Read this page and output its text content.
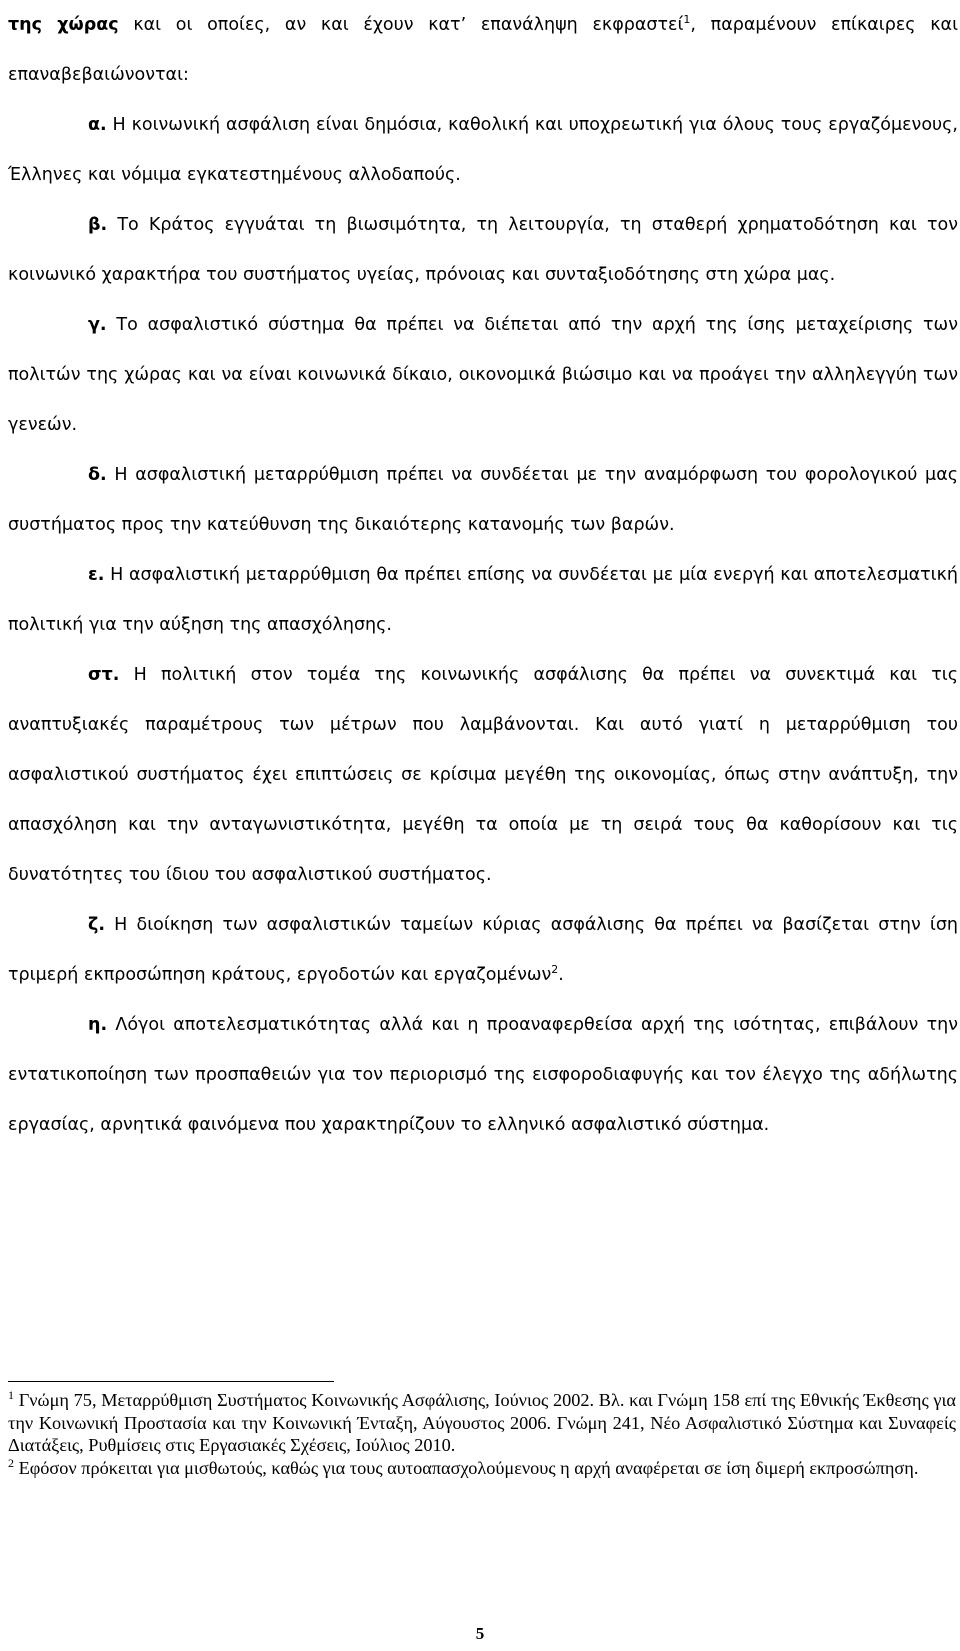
της χώρας και οι οποίες, αν και έχουν κατ’ επανάληψη εκφραστεί$^1$, παραμένουν επίκαιρες και επαναβεβαιώνονται:

α. Η κοινωνική ασφάλιση είναι δημόσια, καθολική και υποχρεωτική για όλους τους εργαζόμενους, Έλληνες και νόμιμα εγκατεστημένους αλλοδαπούς.

β. Το Κράτος εγγυάται τη βιωσιμότητα, τη λειτουργία, τη σταθερή χρηματοδότηση και τον κοινωνικό χαρακτήρα του συστήματος υγείας, πρόνοιας και συνταξιοδότησης στη χώρα μας.

γ. Το ασφαλιστικό σύστημα θα πρέπει να διέπεται από την αρχή της ίσης μεταχείρισης των πολιτών της χώρας και να είναι κοινωνικά δίκαιο, οικονομικά βιώσιμο και να προάγει την αλληλεγγύη των γενεών.

δ. Η ασφαλιστική μεταρρύθμιση πρέπει να συνδέεται με την αναμόρφωση του φορολογικού μας συστήματος προς την κατεύθυνση της δικαιότερης κατανομής των βαρών.

ε. Η ασφαλιστική μεταρρύθμιση θα πρέπει επίσης να συνδέεται με μία ενεργή και αποτελεσματική πολιτική για την αύξηση της απασχόλησης.

στ. Η πολιτική στον τομέα της κοινωνικής ασφάλισης θα πρέπει να συνεκτιμά και τις αναπτυξιακές παραμέτρους των μέτρων που λαμβάνονται. Και αυτό γιατί η μεταρρύθμιση του ασφαλιστικού συστήματος έχει επιπτώσεις σε κρίσιμα μεγέθη της οικονομίας, όπως στην ανάπτυξη, την απασχόληση και την ανταγωνιστικότητα, μεγέθη τα οποία με τη σειρά τους θα καθορίσουν και τις δυνατότητες του ίδιου του ασφαλιστικού συστήματος.

ζ. Η διοίκηση των ασφαλιστικών ταμείων κύριας ασφάλισης θα πρέπει να βασίζεται στην ίση τριμερή εκπροσώπηση κράτους, εργοδοτών και εργαζομένων$^2$.

η. Λόγοι αποτελεσματικότητας αλλά και η προαναφερθείσα αρχή της ισότητας, επιβάλουν την εντατικοποίηση των προσπαθειών για τον περιορισμό της εισφοροδιαφυγής και τον έλεγχο της αδήλωτης εργασίας, αρνητικά φαινόμενα που χαρακτηρίζουν το ελληνικό ασφαλιστικό σύστημα.

$^1$ Γνώμη 75, Μεταρρύθμιση Συστήματος Κοινωνικής Ασφάλισης, Ιούνιος 2002. Βλ. και Γνώμη 158 επί της Εθνικής Έκθεσης για την Κοινωνική Προστασία και την Κοινωνική Ένταξη, Αύγουστος 2006. Γνώμη 241, Νέο Ασφαλιστικό Σύστημα και Συναφείς Διατάξεις, Ρυθμίσεις στις Εργασιακές Σχέσεις, Ιούλιος 2010.

$^2$ Εφόσον πρόκειται για μισθωτούς, καθώς για τους αυτοαπασχολούμενους η αρχή αναφέρεται σε ίση διμερή εκπροσώπηση.

5
